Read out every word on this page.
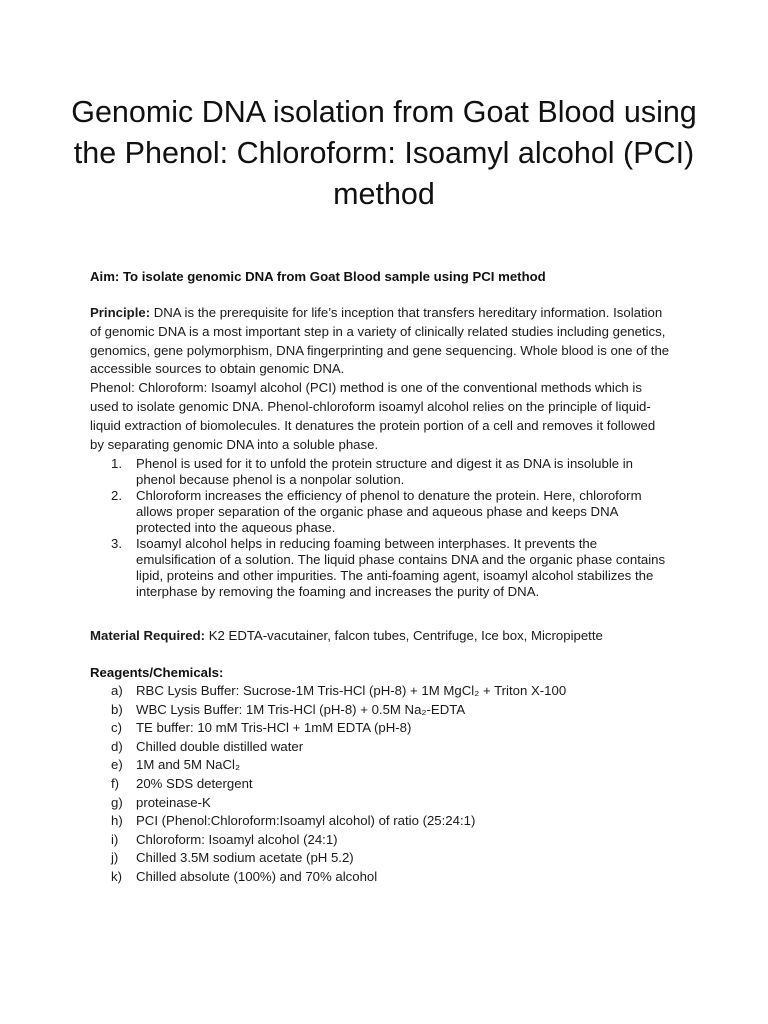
Genomic DNA isolation from Goat Blood using the Phenol: Chloroform: Isoamyl alcohol (PCI) method

Aim: To isolate genomic DNA from Goat Blood sample using PCI method

Principle: DNA is the prerequisite for life’s inception that transfers hereditary information. Isolation of genomic DNA is a most important step in a variety of clinically related studies including genetics, genomics, gene polymorphism, DNA fingerprinting and gene sequencing. Whole blood is one of the accessible sources to obtain genomic DNA.

Phenol: Chloroform: Isoamyl alcohol (PCI) method is one of the conventional methods which is used to isolate genomic DNA. Phenol-chloroform isoamyl alcohol relies on the principle of liquid-liquid extraction of biomolecules. It denatures the protein portion of a cell and removes it followed by separating genomic DNA into a soluble phase.

1. Phenol is used for it to unfold the protein structure and digest it as DNA is insoluble in phenol because phenol is a nonpolar solution.
2. Chloroform increases the efficiency of phenol to denature the protein. Here, chloroform allows proper separation of the organic phase and aqueous phase and keeps DNA protected into the aqueous phase.
3. Isoamyl alcohol helps in reducing foaming between interphases. It prevents the emulsification of a solution. The liquid phase contains DNA and the organic phase contains lipid, proteins and other impurities. The anti-foaming agent, isoamyl alcohol stabilizes the interphase by removing the foaming and increases the purity of DNA.

Material Required: K2 EDTA-vacutainer, falcon tubes, Centrifuge, Ice box, Micropipette

Reagents/Chemicals:

a) RBC Lysis Buffer: Sucrose-1M Tris-HCl (pH-8) + 1M MgCl₂ + Triton X-100
b) WBC Lysis Buffer: 1M Tris-HCl (pH-8) + 0.5M Na₂-EDTA
c) TE buffer: 10 mM Tris-HCl + 1mM EDTA (pH-8)
d) Chilled double distilled water
e) 1M and 5M NaCl₂
f) 20% SDS detergent
g) proteinase-K
h) PCI (Phenol:Chloroform:Isoamyl alcohol) of ratio (25:24:1)
i) Chloroform: Isoamyl alcohol (24:1)
j) Chilled 3.5M sodium acetate (pH 5.2)
k) Chilled absolute (100%) and 70% alcohol
